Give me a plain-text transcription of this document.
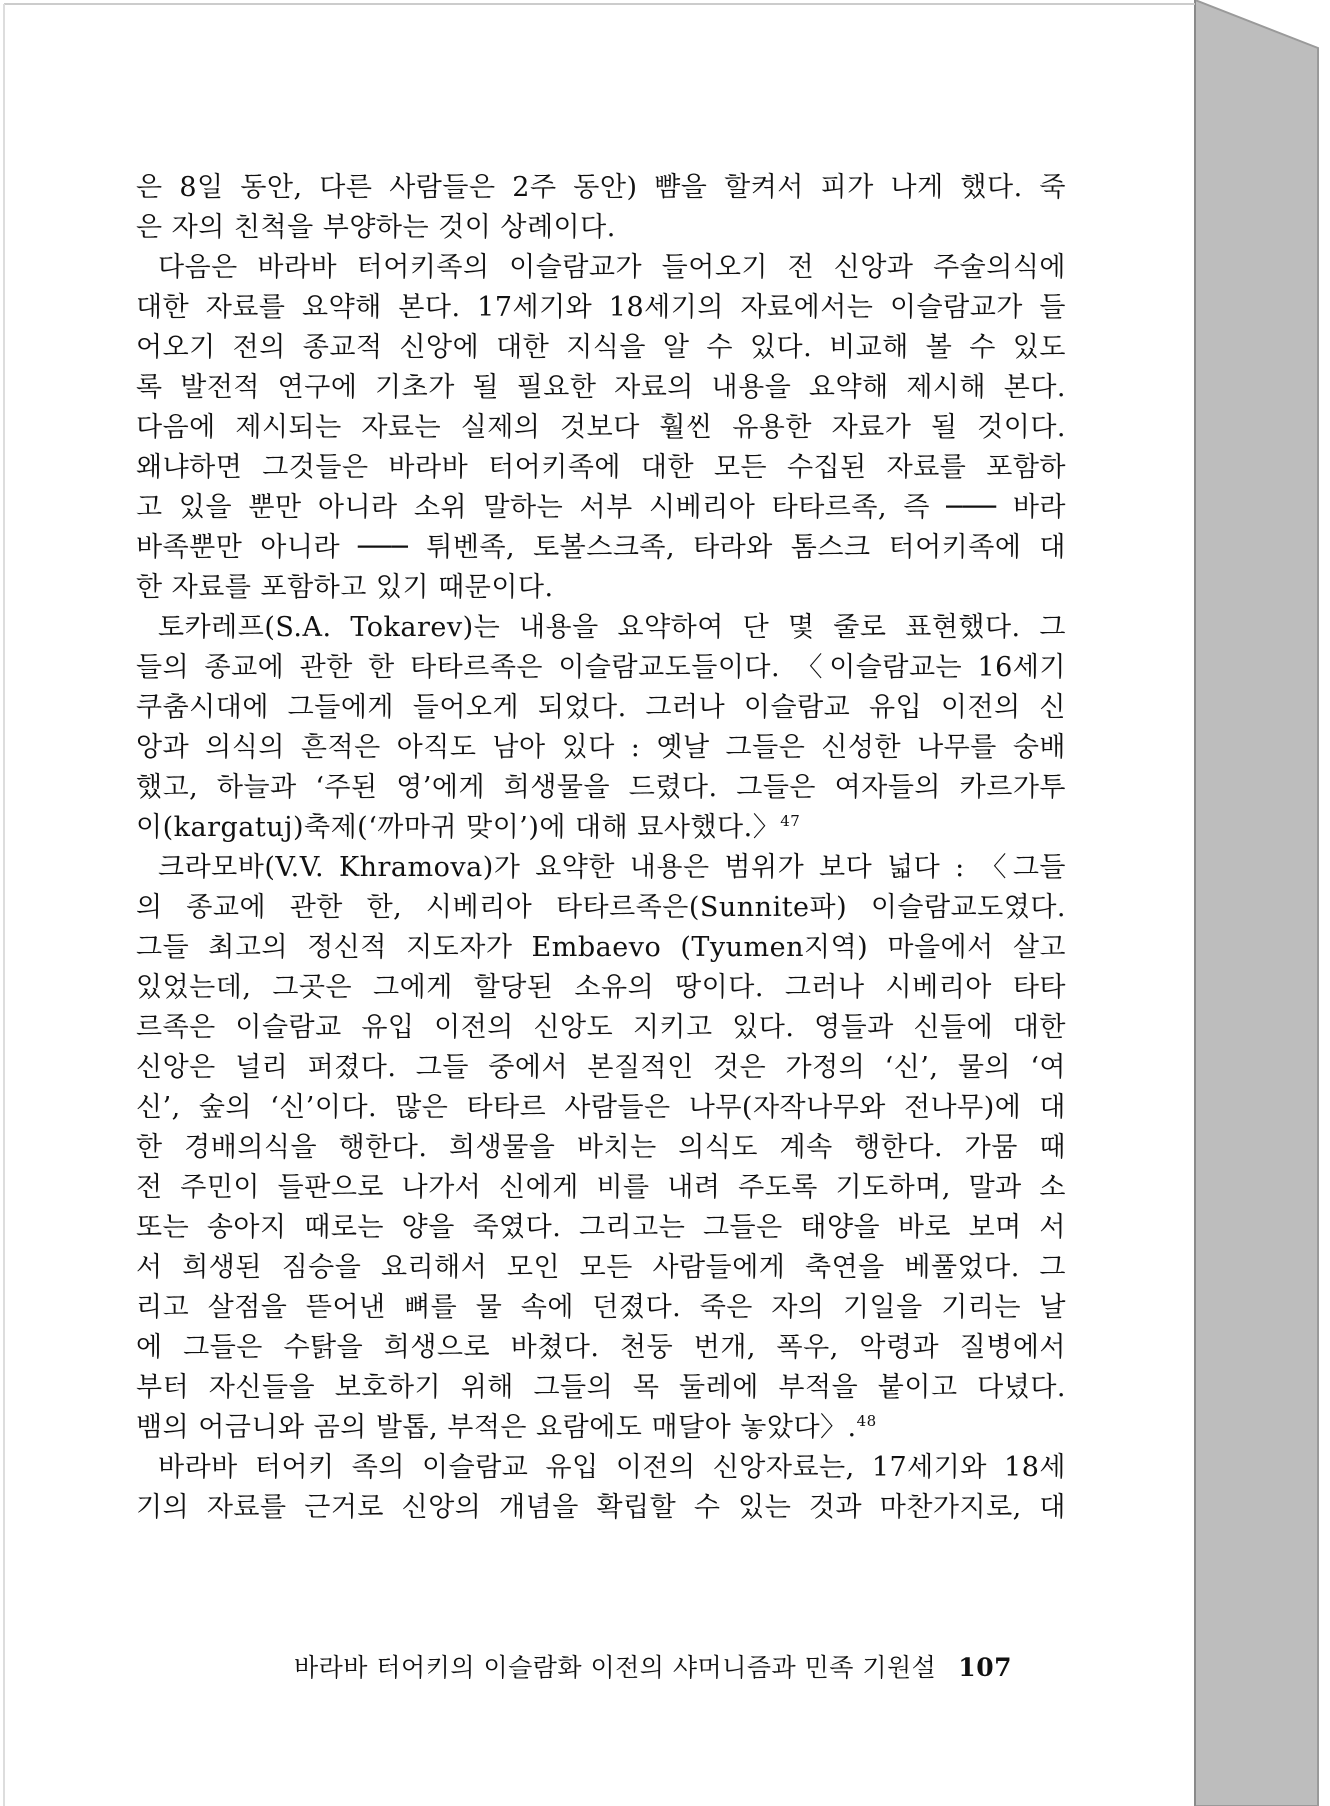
은 8일 동안, 다른 사람들은 2주 동안) 뺨을 할켜서 피가 나게 했다. 죽
은 자의 친척을 부양하는 것이 상례이다.
다음은 바라바 터어키족의 이슬람교가 들어오기 전 신앙과 주술의식에
대한 자료를 요약해 본다. 17세기와 18세기의 자료에서는 이슬람교가 들
어오기 전의 종교적 신앙에 대한 지식을 알 수 있다. 비교해 볼 수 있도
록 발전적 연구에 기초가 될 필요한 자료의 내용을 요약해 제시해 본다.
다음에 제시되는 자료는 실제의 것보다 훨씬 유용한 자료가 될 것이다.
왜냐하면 그것들은 바라바 터어키족에 대한 모든 수집된 자료를 포함하
고 있을 뿐만 아니라 소위 말하는 서부 시베리아 타타르족, 즉 ─── 바라
바족뿐만 아니라 ─── 튀벤족, 토볼스크족, 타라와 톰스크 터어키족에 대
한 자료를 포함하고 있기 때문이다.
토카레프(S.A. Tokarev)는 내용을 요약하여 단 몇 줄로 표현했다. 그
들의 종교에 관한 한 타타르족은 이슬람교도들이다. 〈이슬람교는 16세기
쿠춤시대에 그들에게 들어오게 되었다. 그러나 이슬람교 유입 이전의 신
앙과 의식의 흔적은 아직도 남아 있다 : 옛날 그들은 신성한 나무를 숭배
했고, 하늘과 ‘주된 영’에게 희생물을 드렸다. 그들은 여자들의 카르가투
이(kargatuj)축제(‘까마귀 맞이’)에 대해 묘사했다.〉$^{47}$
크라모바(V.V. Khramova)가 요약한 내용은 범위가 보다 넓다 : 〈그들
의 종교에 관한 한, 시베리아 타타르족은(Sunnite파) 이슬람교도였다.
그들 최고의 정신적 지도자가 Embaevo (Tyumen지역) 마을에서 살고
있었는데, 그곳은 그에게 할당된 소유의 땅이다. 그러나 시베리아 타타
르족은 이슬람교 유입 이전의 신앙도 지키고 있다. 영들과 신들에 대한
신앙은 널리 퍼졌다. 그들 중에서 본질적인 것은 가정의 ‘신’, 물의 ‘여
신’, 숲의 ‘신’이다. 많은 타타르 사람들은 나무(자작나무와 전나무)에 대
한 경배의식을 행한다. 희생물을 바치는 의식도 계속 행한다. 가뭄 때
전 주민이 들판으로 나가서 신에게 비를 내려 주도록 기도하며, 말과 소
또는 송아지 때로는 양을 죽였다. 그리고는 그들은 태양을 바로 보며 서
서 희생된 짐승을 요리해서 모인 모든 사람들에게 축연을 베풀었다. 그
리고 살점을 뜯어낸 뼈를 물 속에 던졌다. 죽은 자의 기일을 기리는 날
에 그들은 수탉을 희생으로 바쳤다. 천둥 번개, 폭우, 악령과 질병에서
부터 자신들을 보호하기 위해 그들의 목 둘레에 부적을 붙이고 다녔다.
뱀의 어금니와 곰의 발톱, 부적은 요람에도 매달아 놓았다〉.$^{48}$
바라바 터어키 족의 이슬람교 유입 이전의 신앙자료는, 17세기와 18세
기의 자료를 근거로 신앙의 개념을 확립할 수 있는 것과 마찬가지로, 대
바라바 터어키의 이슬람화 이전의 샤머니즘과 민족 기원설 107
